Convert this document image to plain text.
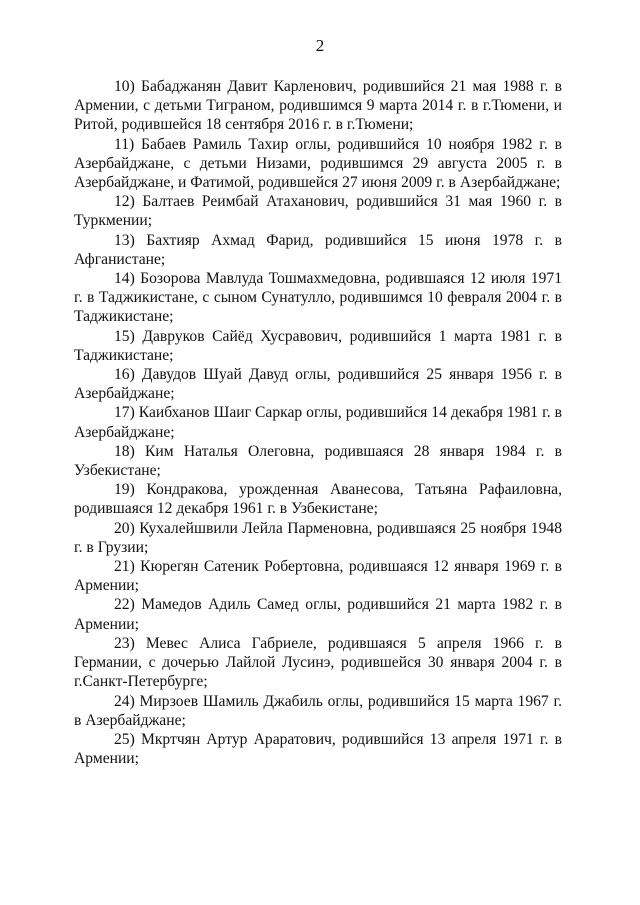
2

10) Бабаджанян Давит Карленович, родившийся 21 мая 1988 г. в Армении, с детьми Тиграном, родившимся 9 марта 2014 г. в г.Тюмени, и Ритой, родившейся 18 сентября 2016 г. в г.Тюмени;

11) Бабаев Рамиль Тахир оглы, родившийся 10 ноября 1982 г. в Азербайджане, с детьми Низами, родившимся 29 августа 2005 г. в Азербайджане, и Фатимой, родившейся 27 июня 2009 г. в Азербайджане;

12) Балтаев Реимбай Атаханович, родившийся 31 мая 1960 г. в Туркмении;

13) Бахтияр Ахмад Фарид, родившийся 15 июня 1978 г. в Афганистане;

14) Бозорова Мавлуда Тошмахмедовна, родившаяся 12 июля 1971 г. в Таджикистане, с сыном Сунатулло, родившимся 10 февраля 2004 г. в Таджикистане;

15) Давруков Сайёд Хусравович, родившийся 1 марта 1981 г. в Таджикистане;

16) Давудов Шуай Давуд оглы, родившийся 25 января 1956 г. в Азербайджане;

17) Каибханов Шаиг Саркар оглы, родившийся 14 декабря 1981 г. в Азербайджане;

18) Ким Наталья Олеговна, родившаяся 28 января 1984 г. в Узбекистане;

19) Кондракова, урожденная Аванесова, Татьяна Рафаиловна, родившаяся 12 декабря 1961 г. в Узбекистане;

20) Кухалейшвили Лейла Парменовна, родившаяся 25 ноября 1948 г. в Грузии;

21) Кюрегян Сатеник Робертовна, родившаяся 12 января 1969 г. в Армении;

22) Мамедов Адиль Самед оглы, родившийся 21 марта 1982 г. в Армении;

23) Мевес Алиса Габриеле, родившаяся 5 апреля 1966 г. в Германии, с дочерью Лайлой Лусинэ, родившейся 30 января 2004 г. в г.Санкт-Петербурге;

24) Мирзоев Шамиль Джабиль оглы, родившийся 15 марта 1967 г. в Азербайджане;

25) Мкртчян Артур Араратович, родившийся 13 апреля 1971 г. в Армении;
